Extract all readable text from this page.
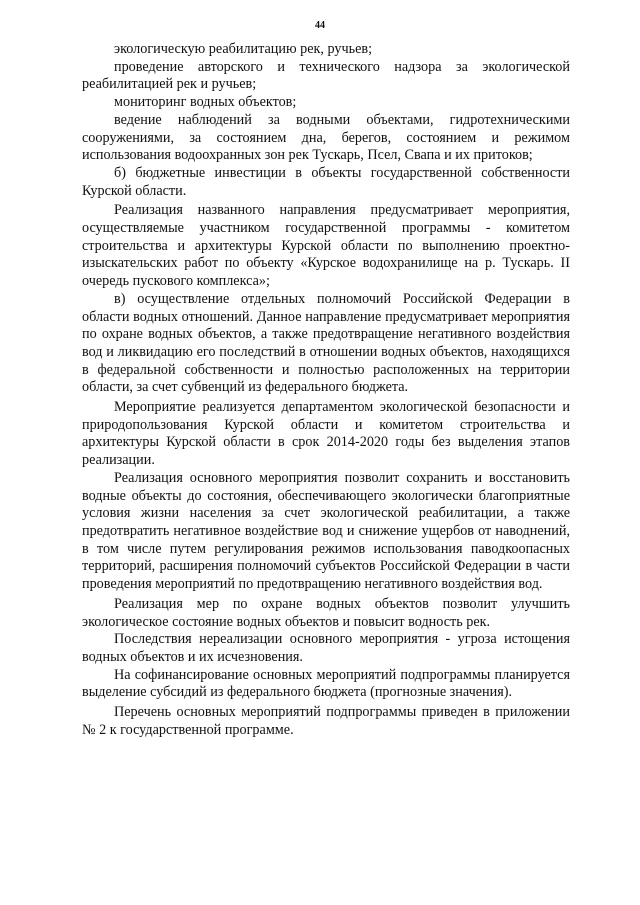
44

экологическую реабилитацию рек, ручьев;

проведение авторского и технического надзора за экологической реабилитацией рек и ручьев;

мониторинг водных объектов;

ведение наблюдений за водными объектами, гидротехническими сооружениями, за состоянием дна, берегов, состоянием и режимом использования водоохранных зон рек Тускарь, Псел, Свапа и их притоков;

б) бюджетные инвестиции в объекты государственной собственности Курской области.

Реализация названного направления предусматривает мероприятия, осуществляемые участником государственной программы - комитетом строительства и архитектуры Курской области по выполнению проектно-изыскательских работ по объекту «Курское водохранилище на р. Тускарь. II очередь пускового комплекса»;

в) осуществление отдельных полномочий Российской Федерации в области водных отношений. Данное направление предусматривает мероприятия по охране водных объектов, а также предотвращение негативного воздействия вод и ликвидацию его последствий в отношении водных объектов, находящихся в федеральной собственности и полностью расположенных на территории области, за счет субвенций из федерального бюджета.

Мероприятие реализуется департаментом экологической безопасности и природопользования Курской области и комитетом строительства и архитектуры Курской области в срок 2014-2020 годы без выделения этапов реализации.

Реализация основного мероприятия позволит сохранить и восстановить водные объекты до состояния, обеспечивающего экологически благоприятные условия жизни населения за счет экологической реабилитации, а также предотвратить негативное воздействие вод и снижение ущербов от наводнений, в том числе путем регулирования режимов использования паводкоопасных территорий, расширения полномочий субъектов Российской Федерации в части проведения мероприятий по предотвращению негативного воздействия вод.

Реализация мер по охране водных объектов позволит улучшить экологическое состояние водных объектов и повысит водность рек.

Последствия нереализации основного мероприятия - угроза истощения водных объектов и их исчезновения.

На софинансирование основных мероприятий подпрограммы планируется выделение субсидий из федерального бюджета (прогнозные значения).

Перечень основных мероприятий подпрограммы приведен в приложении № 2 к государственной программе.
